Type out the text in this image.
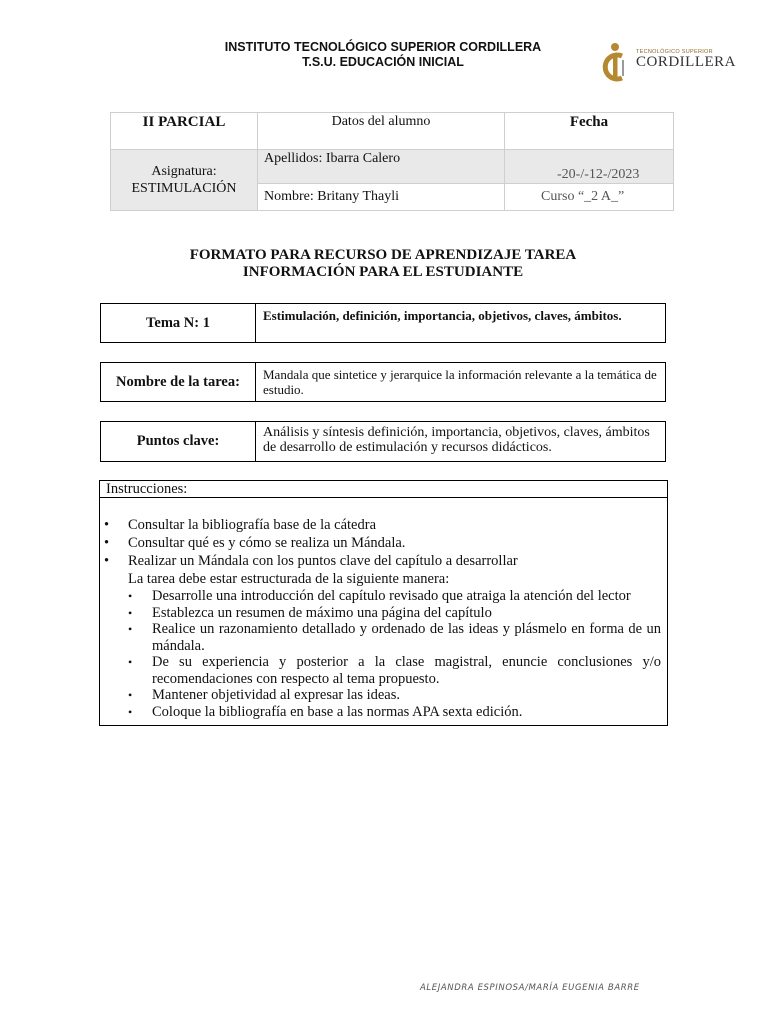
INSTITUTO TECNOLÓGICO SUPERIOR CORDILLERA
T.S.U. EDUCACIÓN INICIAL
TECNOLÓGICO SUPERIOR
CORDILLERA
II PARCIAL	Datos del alumno	Fecha

Asignatura:
ESTIMULACIÓN	Apellidos: Ibarra Calero	-20-/-12-/2023
	Nombre: Britany Thayli	Curso “_2 A_”
FORMATO PARA RECURSO DE APRENDIZAJE TAREA
INFORMACIÓN PARA EL ESTUDIANTE
Tema N: 1	Estimulación, definición, importancia, objetivos, claves, ámbitos.
Nombre de la tarea:	Mandala que sintetice y jerarquice la información relevante a la temática de estudio.
Puntos clave:	Análisis y síntesis definición, importancia, objetivos, claves, ámbitos de desarrollo de estimulación y recursos didácticos.
Instrucciones:
• Consultar la bibliografía base de la cátedra
• Consultar qué es y cómo se realiza un Mándala.
• Realizar un Mándala con los puntos clave del capítulo a desarrollar
La tarea debe estar estructurada de la siguiente manera:
• Desarrolle una introducción del capítulo revisado que atraiga la atención del lector
• Establezca un resumen de máximo una página del capítulo
• Realice un razonamiento detallado y ordenado de las ideas y plásmelo en forma de un mándala.
• De su experiencia y posterior a la clase magistral, enuncie conclusiones y/o recomendaciones con respecto al tema propuesto.
• Mantener objetividad al expresar las ideas.
• Coloque la bibliografía en base a las normas APA sexta edición.
ALEJANDRA ESPINOSA/MARÍA EUGENIA BARRE
